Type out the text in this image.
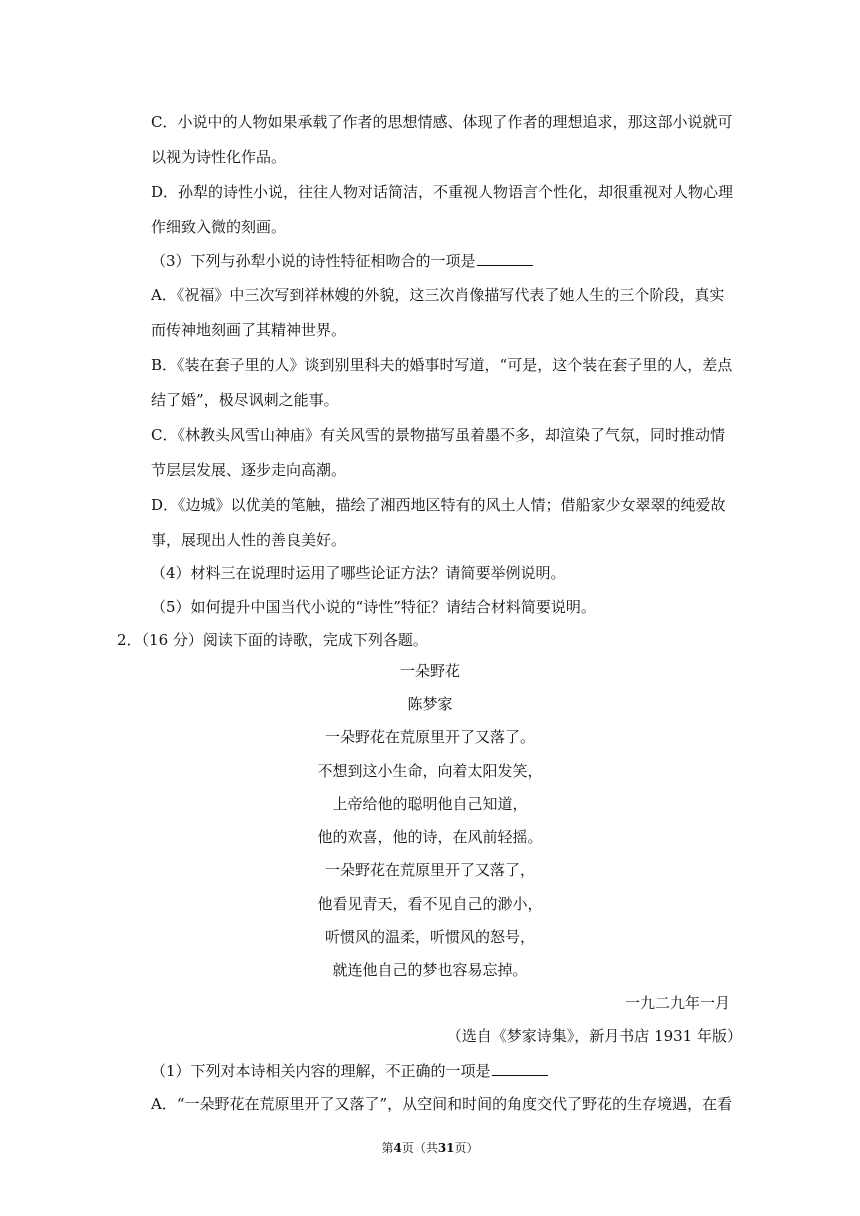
C．小说中的人物如果承载了作者的思想情感、体现了作者的理想追求，那这部小说就可
以视为诗性化作品。
D．孙犁的诗性小说，往往人物对话简洁，不重视人物语言个性化，却很重视对人物心理
作细致入微的刻画。
（3）下列与孙犁小说的诗性特征相吻合的一项是
A．《祝福》中三次写到祥林嫂的外貌，这三次肖像描写代表了她人生的三个阶段，真实
而传神地刻画了其精神世界。
B．《装在套子里的人》谈到别里科夫的婚事时写道，“可是，这个装在套子里的人，差点
结了婚”，极尽讽刺之能事。
C．《林教头风雪山神庙》有关风雪的景物描写虽着墨不多，却渲染了气氛，同时推动情
节层层发展、逐步走向高潮。
D．《边城》以优美的笔触，描绘了湘西地区特有的风土人情；借船家少女翠翠的纯爱故
事，展现出人性的善良美好。
（4）材料三在说理时运用了哪些论证方法？请简要举例说明。
（5）如何提升中国当代小说的“诗性”特征？请结合材料简要说明。
2．（16 分）阅读下面的诗歌，完成下列各题。
一朵野花
陈梦家
一朵野花在荒原里开了又落了。
不想到这小生命，向着太阳发笑，
上帝给他的聪明他自己知道，
他的欢喜，他的诗，在风前轻摇。
一朵野花在荒原里开了又落了，
他看见青天，看不见自己的渺小，
听惯风的温柔，听惯风的怒号，
就连他自己的梦也容易忘掉。
一九二九年一月
（选自《梦家诗集》，新月书店 1931 年版）
（1）下列对本诗相关内容的理解，不正确的一项是
A．“一朵野花在荒原里开了又落了”，从空间和时间的角度交代了野花的生存境遇，在看
第4页（共31页）
